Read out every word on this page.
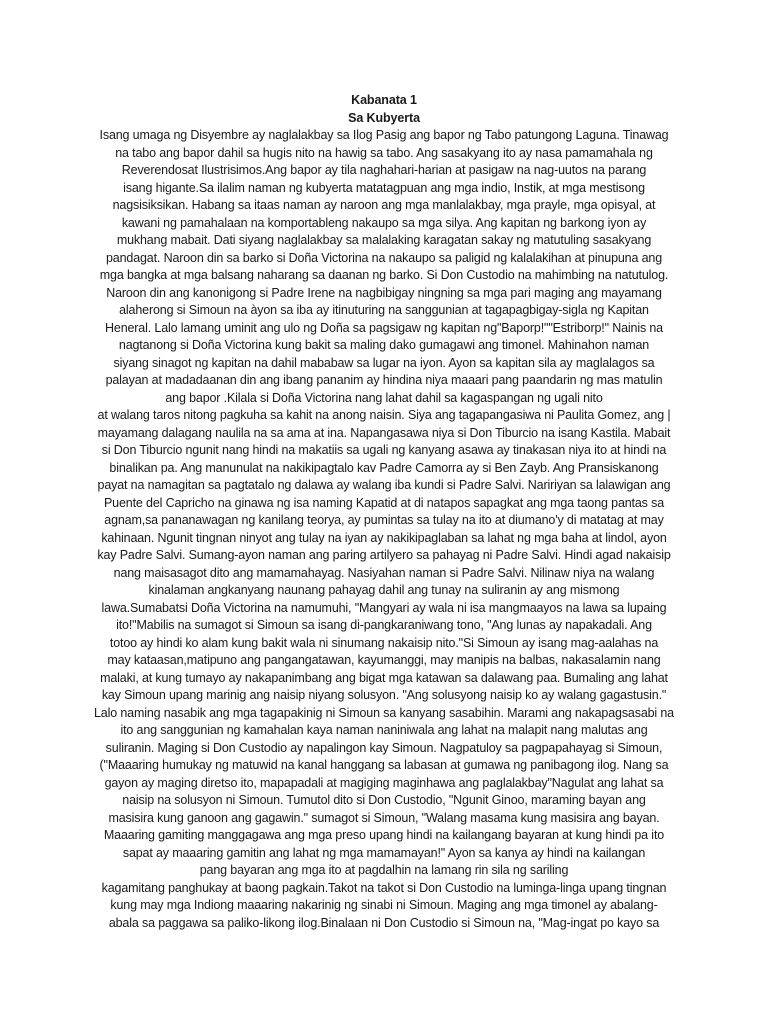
Kabanata 1
Sa Kubyerta
Isang umaga ng Disyembre ay naglalakbay sa Ilog Pasig ang bapor ng Tabo patungong Laguna. Tinawag
na tabo ang bapor dahil sa hugis nito na hawig sa tabo. Ang sasakyang ito ay nasa pamamahala ng
Reverendosat Ilustrisimos.Ang bapor ay tila naghahari-harian at pasigaw na nag-uutos na parang
isang higante.Sa ilalim naman ng kubyerta matatagpuan ang mga indio, Instik, at mga mestisong
nagsisiksikan. Habang sa itaas naman ay naroon ang mga manlalakbay, mga prayle, mga opisyal, at
kawani ng pamahalaan na komportableng nakaupo sa mga silya. Ang kapitan ng barkong iyon ay
mukhang mabait. Dati siyang naglalakbay sa malalaking karagatan sakay ng matutuling sasakyang
pandagat. Naroon din sa barko si Doña Victorina na nakaupo sa paligid ng kalalakihan at pinupuna ang
mga bangka at mga balsang naharang sa daanan ng barko. Si Don Custodio na mahimbing na natutulog.
Naroon din ang kanonigong si Padre Irene na nagbibigay ningning sa mga pari maging ang mayamang
alaherong si Simoun na àyon sa iba ay itinuturing na sanggunian at tagapagbigay-sigla ng Kapitan
Heneral. Lalo lamang uminit ang ulo ng Doña sa pagsigaw ng kapitan ng"Baporp!""Estriborp!" Nainis na
nagtanong si Doña Victorina kung bakit sa maling dako gumagawi ang timonel. Mahinahon naman
siyang sinagot ng kapitan na dahil mababaw sa lugar na iyon. Ayon sa kapitan sila ay maglalagos sa
palayan at madadaanan din ang ibang pananim ay hindina niya maaari pang paandarin ng mas matulin
ang bapor .Kilala si Doña Victorina nang lahat dahil sa kagaspangan ng ugali nito
at walang taros nitong pagkuha sa kahit na anong naisin. Siya ang tagapangasiwa ni Paulita Gomez, ang |
mayamang dalagang naulila na sa ama at ina. Napangasawa niya si Don Tiburcio na isang Kastila. Mabait
si Don Tiburcio ngunit nang hindi na makatiis sa ugali ng kanyang asawa ay tinakasan niya ito at hindi na
binalikan pa. Ang manunulat na nakikipagtalo kav Padre Camorra ay si Ben Zayb. Ang Pransiskanong
payat na namagitan sa pagtatalo ng dalawa ay walang iba kundi si Padre Salvi. Naririyan sa lalawigan ang
Puente del Capricho na ginawa ng isa naming Kapatid at di natapos sapagkat ang mga taong pantas sa
agnam,sa pananawagan ng kanilang teorya, ay pumintas sa tulay na ito at diumano'y di matatag at may
kahinaan. Ngunit tingnan ninyot ang tulay na iyan ay nakikipaglaban sa lahat ng mga baha at lindol, ayon
kay Padre Salvi. Sumang-ayon naman ang paring artilyero sa pahayag ni Padre Salvi. Hindi agad nakaisip
nang maisasagot dito ang mamamahayag. Nasiyahan naman si Padre Salvi. Nilinaw niya na walang
kinalaman angkanyang naunang pahayag dahil ang tunay na suliranin ay ang mismong
lawa.Sumabatsi Doña Victorina na namumuhi, "Mangyari ay wala ni isa mangmaayos na lawa sa lupaing
ito!"Mabilis na sumagot si Simoun sa isang di-pangkaraniwang tono, "Ang lunas ay napakadali. Ang
totoo ay hindi ko alam kung bakit wala ni sinumang nakaisip nito."Si Simoun ay isang mag-aalahas na
may kataasan,matipuno ang pangangatawan, kayumanggi, may manipis na balbas, nakasalamin nang
malaki, at kung tumayo ay nakapanimbang ang bigat mga katawan sa dalawang paa. Bumaling ang lahat
kay Simoun upang marinig ang naisip niyang solusyon. "Ang solusyong naisip ko ay walang gagastusin."
Lalo naming nasabik ang mga tagapakinig ni Simoun sa kanyang sasabihin. Marami ang nakapagsasabi na
ito ang sanggunian ng kamahalan kaya naman naniniwala ang lahat na malapit nang malutas ang
suliranin. Maging si Don Custodio ay napalingon kay Simoun. Nagpatuloy sa pagpapahayag si Simoun,
("Maaaring humukay ng matuwid na kanal hanggang sa labasan at gumawa ng panibagong ilog. Nang sa
gayon ay maging diretso ito, mapapadali at magiging maginhawa ang paglalakbay"Nagulat ang lahat sa
naisip na solusyon ni Simoun. Tumutol dito si Don Custodio, "Ngunit Ginoo, maraming bayan ang
masisira kung ganoon ang gagawin." sumagot si Simoun, "Walang masama kung masisira ang bayan.
Maaaring gamiting manggagawa ang mga preso upang hindi na kailangang bayaran at kung hindi pa ito
sapat ay maaaring gamitin ang lahat ng mga mamamayan!" Ayon sa kanya ay hindi na kailangan
pang bayaran ang mga ito at pagdalhin na lamang rin sila ng sariling
kagamitang panghukay at baong pagkain.Takot na takot si Don Custodio na luminga-linga upang tingnan
kung may mga Indiong maaaring nakarinig ng sinabi ni Simoun. Maging ang mga timonel ay abalang-
abala sa paggawa sa paliko-likong ilog.Binalaan ni Don Custodio si Simoun na, "Mag-ingat po kayo sa
